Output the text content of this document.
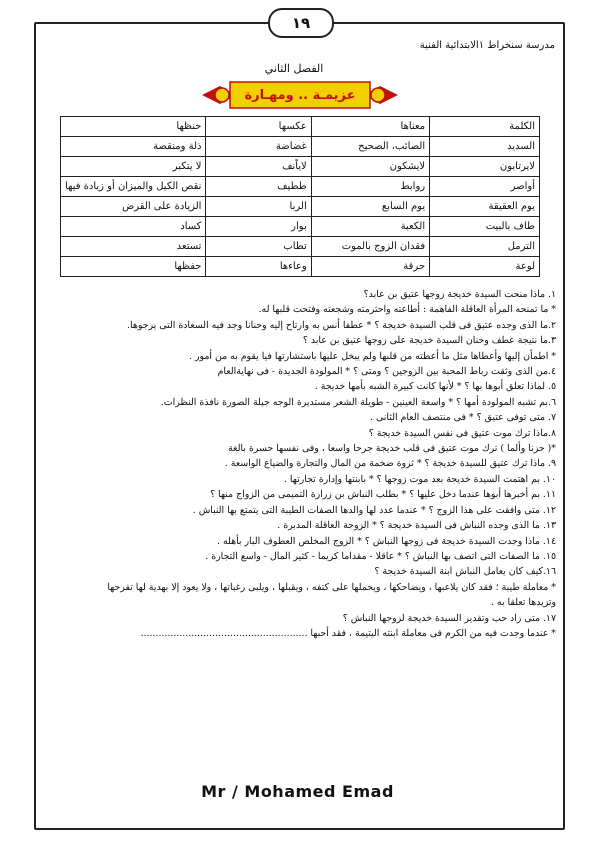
١٩
مدرسة سنخراط ١الابتدائية الفنية
الفصل الثاني
عزيمـة .. ومهـارة
الكلمة	معناها	عكسها	حنظها
السديد	الصائب، الصحيح	غضاضة	ذلة ومنقصة
لايرتابون	لايشكون	لاياًنف	لا يتكبر
أواصر	روابط	ططيف	نقص الكيل والميزان أو زيادة فيها
يوم العقيقة	يوم السابع	الربا	الزيادة على القرض
طاف بالبيت	الكعبة	بوار	كساد
الترمل	فقدان الزوج بالموت	تطاب	تستعد
لوعة	حرقة	وعاءها	حفظها
١. ماذا منحت السيدة خديجة زوجها عتيق بن عابد؟
* ما تمنحه المرأة العاقلة الفاهمة : أطاعته واحترمته وشجعته وفتحت قلبها له.
٢.ما الذى وجده عتيق فى قلب السيدة خديجة ؟ * عطفا أنس به وارتاح إليه وحنانا وجد فيه السعادة التى يرجوها.
٣.ما نتيجة عطف وحنان السيدة خديجة على زوجها عتيق بن عابد ؟
* اطمأن إليها وأعطاها مثل ما أعطته من قلبها ولم يبخل عليها باستشارتها فيا يقوم به من أمور .
٤.من الذى وثقت رباط المحبة بين الزوجين ؟ ومتى ؟ * المولودة الجديدة - فى نهايةالعام
٥. لماذا تعلق أبوها بها ؟ * لأنها كانت كبيرة الشبه بأمها خديجة .
٦.بم تشبه المولودة أمها ؟ * واسعة العينين - طويلة الشعر مستديرة الوجه جيلة الصورة نافذة النظرات.
٧. متى توفى عتيق ؟ * فى منتصف العام الثانى .
٨.ماذا ترك موت عتيق فى نفس السيدة خديجة ؟
*( حزنا وألما ) ترك موت عتيق فى قلب خديجة جرحا واسعا ، وفى نفسها حسرة بالغة
٩. ماذا ترك عتيق للسيدة خديجة ؟ * ثروة ضخمة من المال والتجارة والضياع الواسعة .
١٠. بم اهتمت السيدة خديجة بعد موت زوجها ؟ * بابنتها وإدارة تجارتها .
١١. بم أخبرها أبوها عندما دخل عليها ؟ * بطلب النباش بن زرارة التميمى من الزواج منها ؟
١٢. متى وافقت على هذا الزوج ؟ * عندما عدد لها والدها الصفات الطيبة التى يتمتع بها النباش .
١٣. ما الذى وجده النباش فى السيدة خديجة ؟ * الزوجة العاقلة المدبرة .
١٤. ماذا وجدت السيدة خديجة فى زوجها النباش ؟ * الزوج المخلص العطوف البار بأهله .
١٥. ما الصفات التى اتصف بها النباش ؟ * عاقلا - مقداما كريما - كثير المال - واسع التجارة .
١٦.كيف كان يعامل النباش ابنة السيدة خديجة ؟
* معاملة طيبة ؛ فقد كان يلاعبها ، ويضاحكها ، ويحملها على كتفه ، ويقبلها ، ويلبى رغباتها ، ولا يعود إلا بهدية لها تفرحها
وتزيدها تعلقا به .
١٧. متى زاد حب وتقدير السيدة خديجة لزوجها النباش ؟
* عندما وجدت فيه من الكرم فى معاملة ابنته اليتيمة ، فقد أحبها ........................................................
Mr / Mohamed Emad
